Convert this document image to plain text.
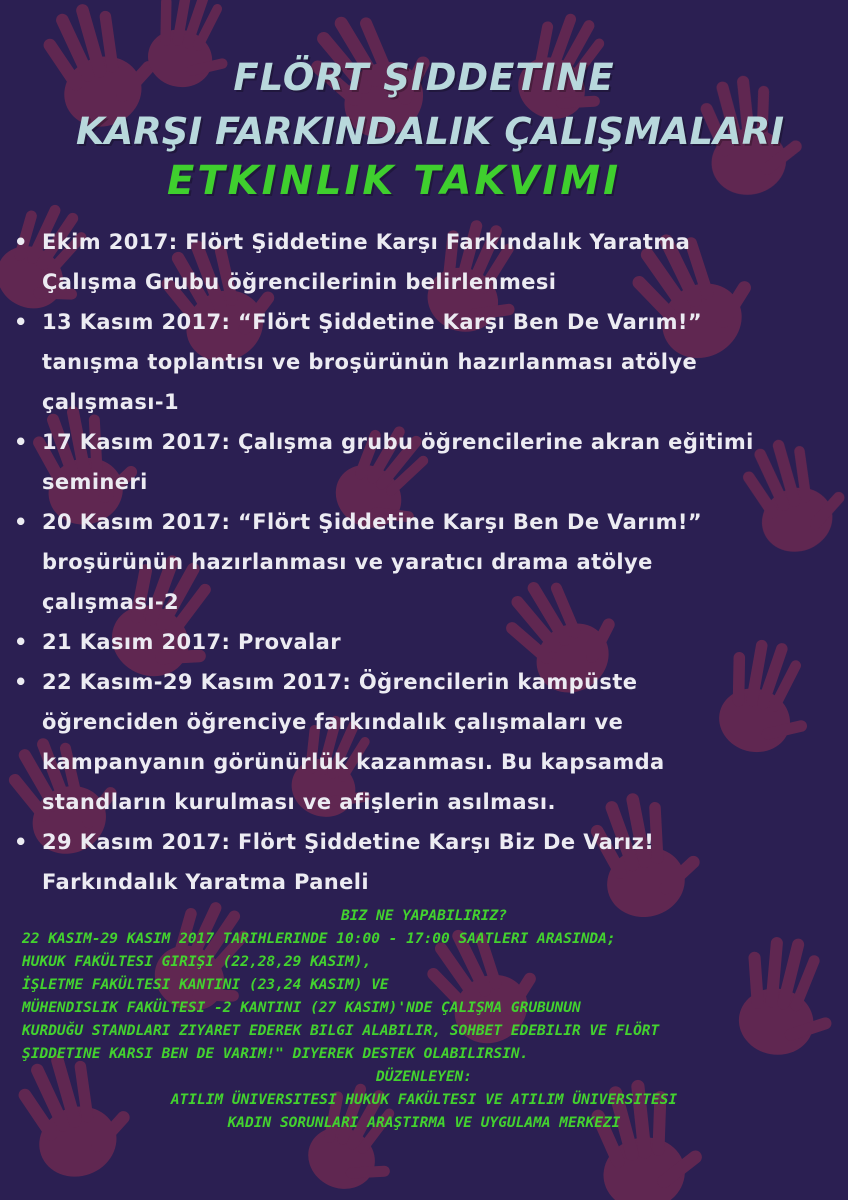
FLÖRT ŞIDDETINE
KARŞI FARKINDALIK ÇALIŞMALARI
ETKINLIK TAKVIMI
• Ekim 2017: Flört Şiddetine Karşı Farkındalık Yaratma
Çalışma Grubu öğrencilerinin belirlenmesi
• 13 Kasım 2017: “Flört Şiddetine Karşı Ben De Varım!”
tanışma toplantısı ve broşürünün hazırlanması atölye
çalışması-1
• 17 Kasım 2017: Çalışma grubu öğrencilerine akran eğitimi
semineri
• 20 Kasım 2017: “Flört Şiddetine Karşı Ben De Varım!”
broşürünün hazırlanması ve yaratıcı drama atölye
çalışması-2
• 21 Kasım 2017: Provalar
• 22 Kasım-29 Kasım 2017: Öğrencilerin kampüste
öğrenciden öğrenciye farkındalık çalışmaları ve
kampanyanın görünürlük kazanması. Bu kapsamda
standların kurulması ve afişlerin asılması.
• 29 Kasım 2017: Flört Şiddetine Karşı Biz De Varız!
Farkındalık Yaratma Paneli
BIZ NE YAPABILIRIZ?
22 KASIM-29 KASIM 2017 TARIHLERINDE 10:00 - 17:00 SAATLERI ARASINDA;
HUKUK FAKÜLTESI GIRIŞI (22,28,29 KASIM),
İŞLETME FAKÜLTESI KANTINI (23,24 KASIM) VE
MÜHENDISLIK FAKÜLTESI -2 KANTINI (27 KASIM)'NDE ÇALIŞMA GRUBUNUN
KURDUĞU STANDLARI ZIYARET EDEREK BILGI ALABILIR, SOHBET EDEBILIR VE FLÖRT
ŞIDDETINE KARSI BEN DE VARIM!" DIYEREK DESTEK OLABILIRSIN.
DÜZENLEYEN:
ATILIM ÜNIVERSITESI HUKUK FAKÜLTESI VE ATILIM ÜNIVERSITESI
KADIN SORUNLARI ARAŞTIRMA VE UYGULAMA MERKEZI
